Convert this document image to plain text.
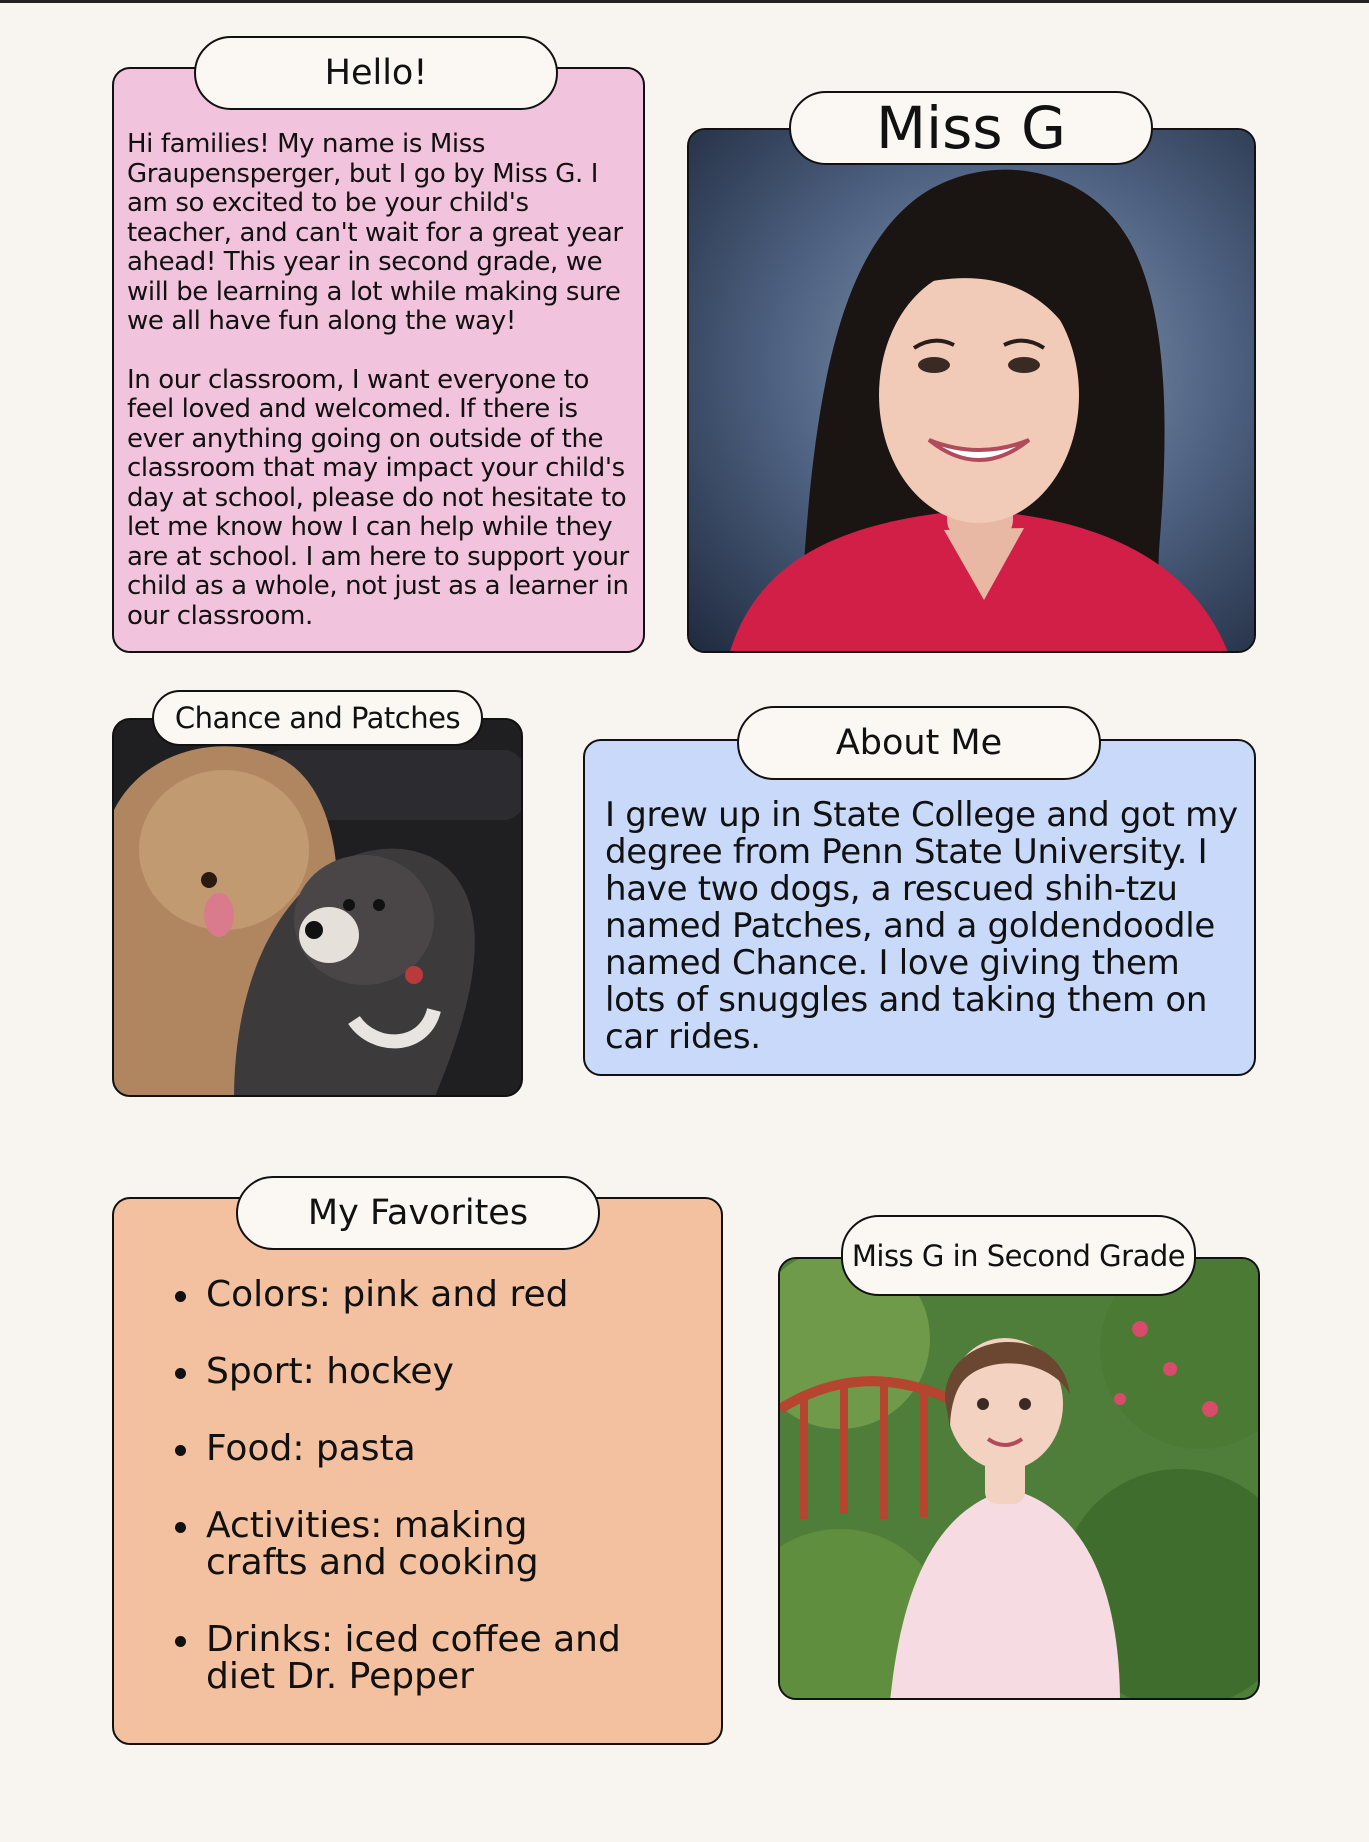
Hi families! My name is Miss Graupensperger, but I go by Miss G. I am so excited to be your child's teacher, and can't wait for a great year ahead! This year in second grade, we will be learning a lot while making sure we all have fun along the way!

In our classroom, I want everyone to feel loved and welcomed. If there is ever anything going on outside of the classroom that may impact your child's day at school, please do not hesitate to let me know how I can help while they are at school. I am here to support your child as a whole, not just as a learner in our classroom.

Hello!
Miss G
Chance and Patches

I grew up in State College and got my degree from Penn State University. I have two dogs, a rescued shih-tzu named Patches, and a goldendoodle named Chance. I love giving them lots of snuggles and taking them on car rides.

About Me
Colors: pink and red
Sport: hockey
Food: pasta
Activities: making crafts and cooking
Drinks: iced coffee and diet Dr. Pepper
My Favorites
Miss G in Second Grade
